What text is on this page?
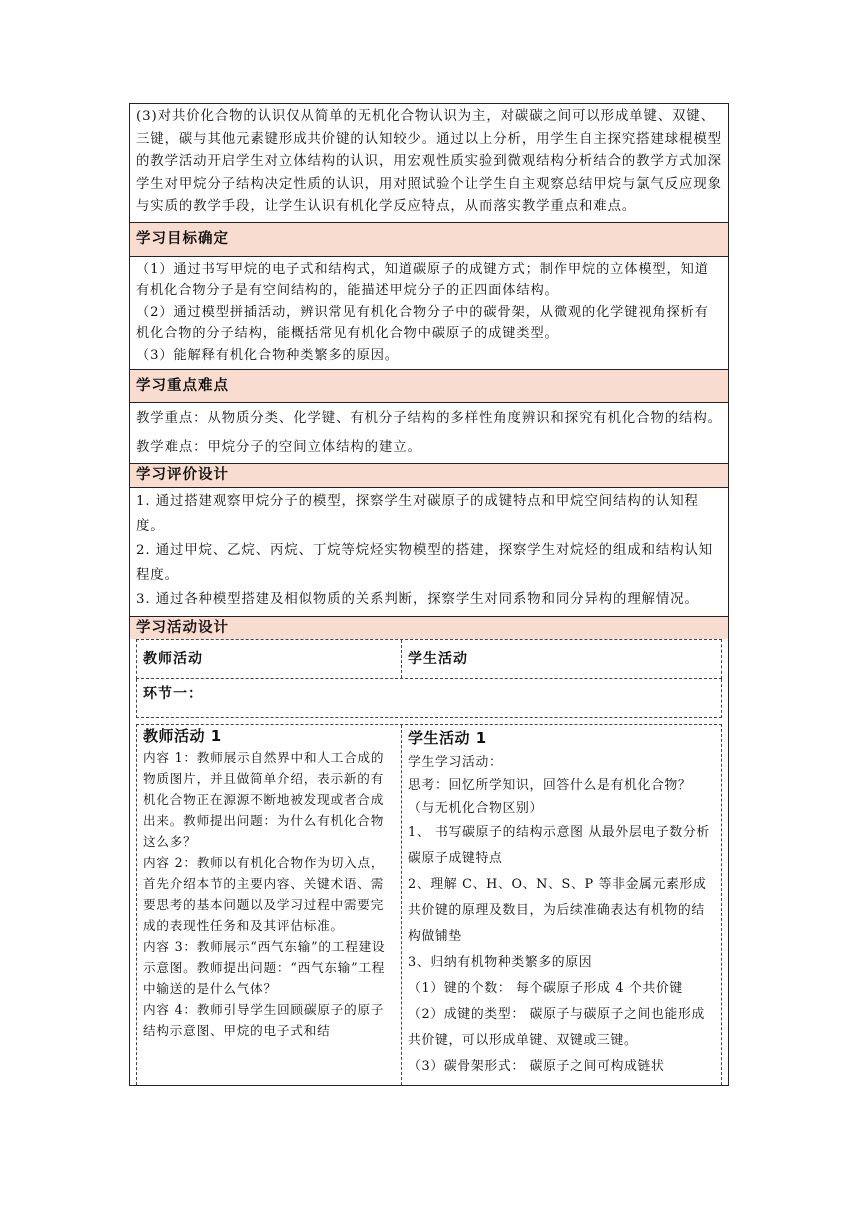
(3)对共价化合物的认识仅从简单的无机化合物认识为主，对碳碳之间可以形成单键、双键、三键，碳与其他元素键形成共价键的认知较少。通过以上分析，用学生自主探究搭建球棍模型的教学活动开启学生对立体结构的认识，用宏观性质实验到微观结构分析结合的教学方式加深学生对甲烷分子结构决定性质的认识，用对照试验个让学生自主观察总结甲烷与氯气反应现象与实质的教学手段，让学生认识有机化学反应特点，从而落实教学重点和难点。

学习目标确定

（1）通过书写甲烷的电子式和结构式，知道碳原子的成键方式；制作甲烷的立体模型，知道有机化合物分子是有空间结构的，能描述甲烷分子的正四面体结构。

（2）通过模型拼插活动，辨识常见有机化合物分子中的碳骨架，从微观的化学键视角探析有机化合物的分子结构，能概括常见有机化合物中碳原子的成键类型。

（3）能解释有机化合物种类繁多的原因。

学习重点难点

教学重点：从物质分类、化学键、有机分子结构的多样性角度辨识和探究有机化合物的结构。

教学难点：甲烷分子的空间立体结构的建立。

学习评价设计

1. 通过搭建观察甲烷分子的模型，探察学生对碳原子的成键特点和甲烷空间结构的认知程度。

2. 通过甲烷、乙烷、丙烷、丁烷等烷烃实物模型的搭建，探察学生对烷烃的组成和结构认知程度。

3. 通过各种模型搭建及相似物质的关系判断，探察学生对同系物和同分异构的理解情况。

学习活动设计
教师活动	学生活动
环节一：
教师活动 1

内容 1：教师展示自然界中和人工合成的物质图片，并且做简单介绍，表示新的有机化合物正在源源不断地被发现或者合成出来。教师提出问题：为什么有机化合物这么多？

内容 2：教师以有机化合物作为切入点，首先介绍本节的主要内容、关键术语、需要思考的基本问题以及学习过程中需要完成的表现性任务和及其评估标准。

内容 3：教师展示“西气东输”的工程建设示意图。教师提出问题：“西气东输”工程中输送的是什么气体？

内容 4：教师引导学生回顾碳原子的原子结构示意图、甲烷的电子式和结

学生活动 1

学生学习活动：

思考：回忆所学知识，回答什么是有机化合物？（与无机化合物区别）

1、 书写碳原子的结构示意图 从最外层电子数分析碳原子成键特点

2、理解 C、H、O、N、S、P 等非金属元素形成共价键的原理及数目，为后续准确表达有机物的结构做铺垫

3、归纳有机物种类繁多的原因

（1）键的个数： 每个碳原子形成 4 个共价键

（2）成键的类型： 碳原子与碳原子之间也能形成共价键，可以形成单键、双键或三键。

（3）碳骨架形式： 碳原子之间可构成链状
